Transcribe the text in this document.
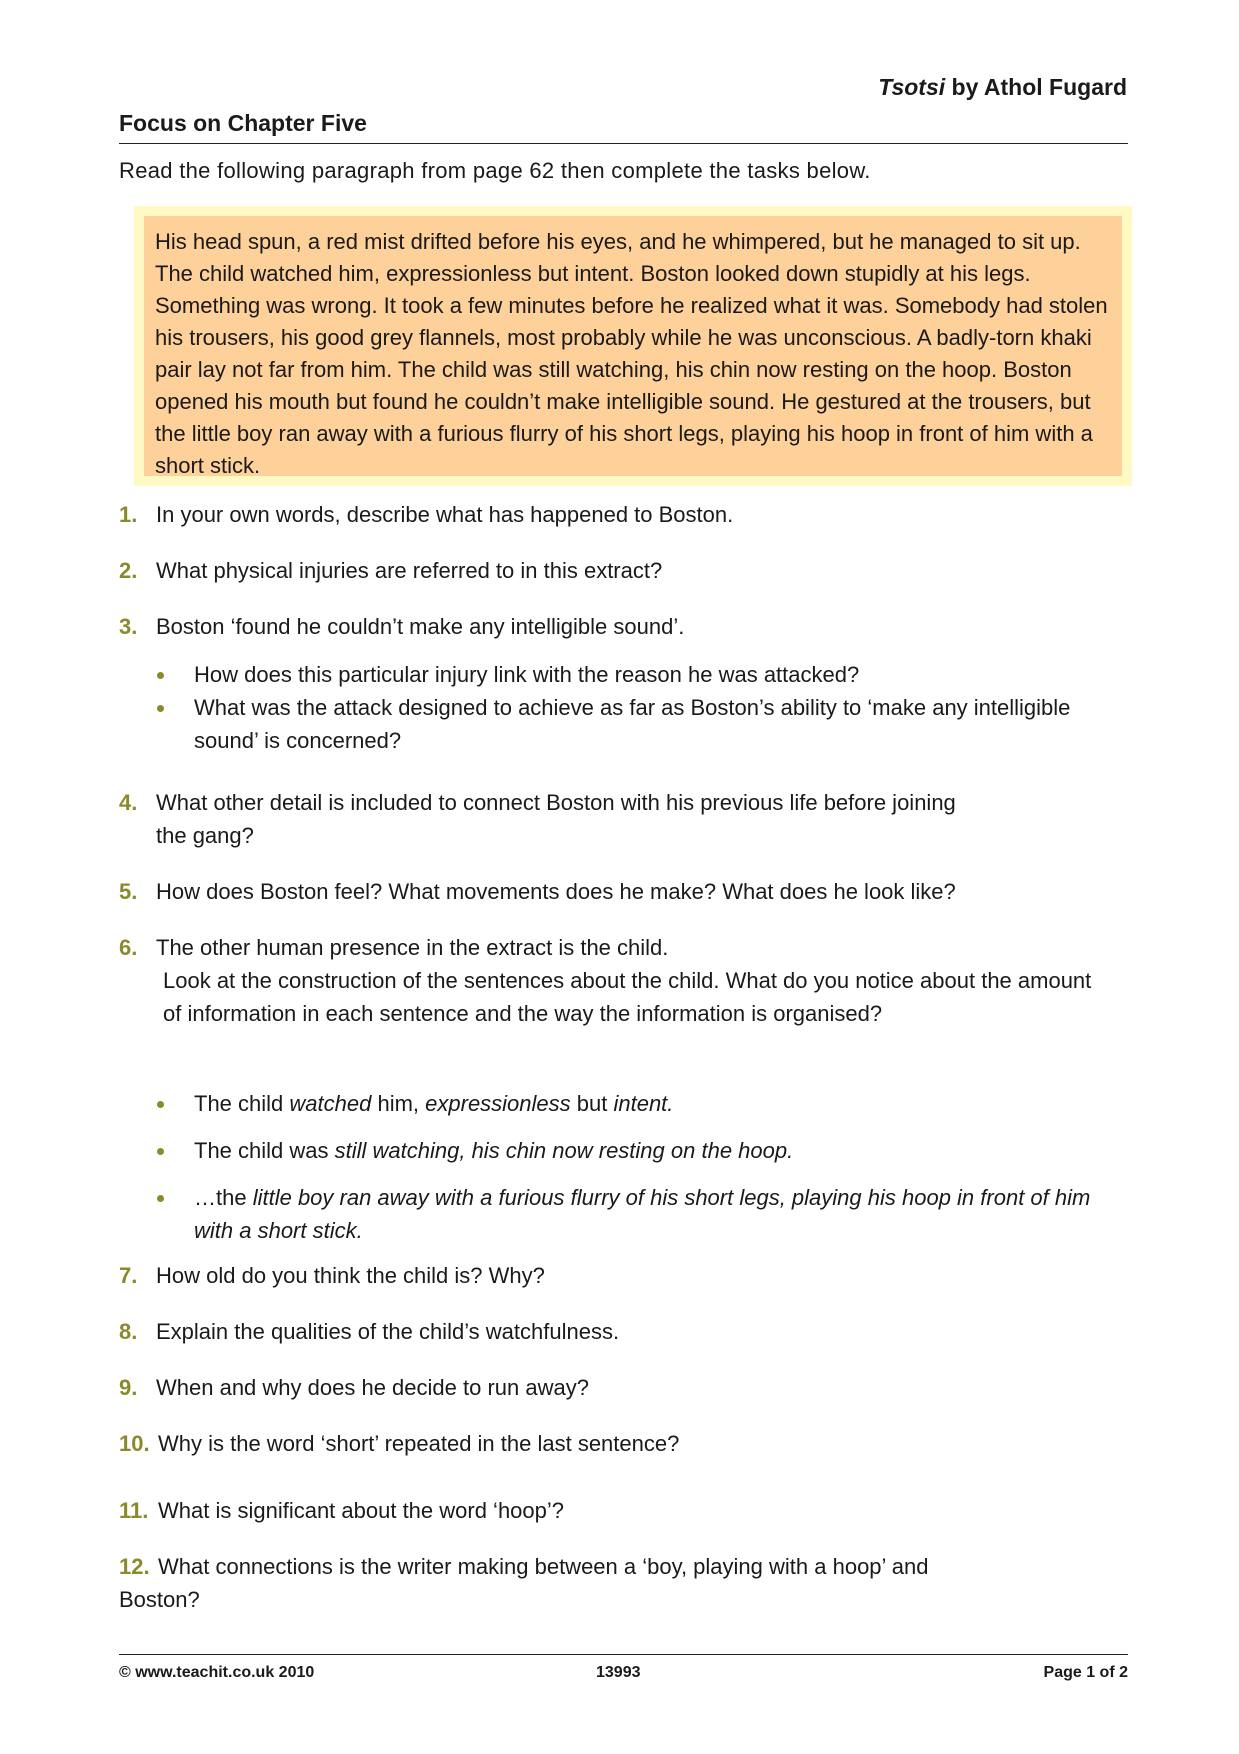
Tsotsi by Athol Fugard
Focus on Chapter Five
Read the following paragraph from page 62 then complete the tasks below.
His head spun, a red mist drifted before his eyes, and he whimpered, but he managed to sit up. The child watched him, expressionless but intent. Boston looked down stupidly at his legs. Something was wrong. It took a few minutes before he realized what it was. Somebody had stolen his trousers, his good grey flannels, most probably while he was unconscious. A badly-torn khaki pair lay not far from him. The child was still watching, his chin now resting on the hoop. Boston opened his mouth but found he couldn’t make intelligible sound. He gestured at the trousers, but the little boy ran away with a furious flurry of his short legs, playing his hoop in front of him with a short stick.
1. In your own words, describe what has happened to Boston.
2. What physical injuries are referred to in this extract?
3. Boston ‘found he couldn’t make any intelligible sound’.
How does this particular injury link with the reason he was attacked?
What was the attack designed to achieve as far as Boston’s ability to ‘make any intelligible sound’ is concerned?
4. What other detail is included to connect Boston with his previous life before joining
the gang?
5. How does Boston feel? What movements does he make? What does he look like?
6. The other human presence in the extract is the child.
Look at the construction of the sentences about the child. What do you notice about the amount of information in each sentence and the way the information is organised?
The child watched him, expressionless but intent.
The child was still watching, his chin now resting on the hoop.
…the little boy ran away with a furious flurry of his short legs, playing his hoop in front of him with a short stick.
7. How old do you think the child is? Why?
8. Explain the qualities of the child’s watchfulness.
9. When and why does he decide to run away?
10. Why is the word ‘short’ repeated in the last sentence?
11. What is significant about the word ‘hoop’?
12. What connections is the writer making between a ‘boy, playing with a hoop’ and
Boston?
© www.teachit.co.uk 2010	13993	Page 1 of 2
